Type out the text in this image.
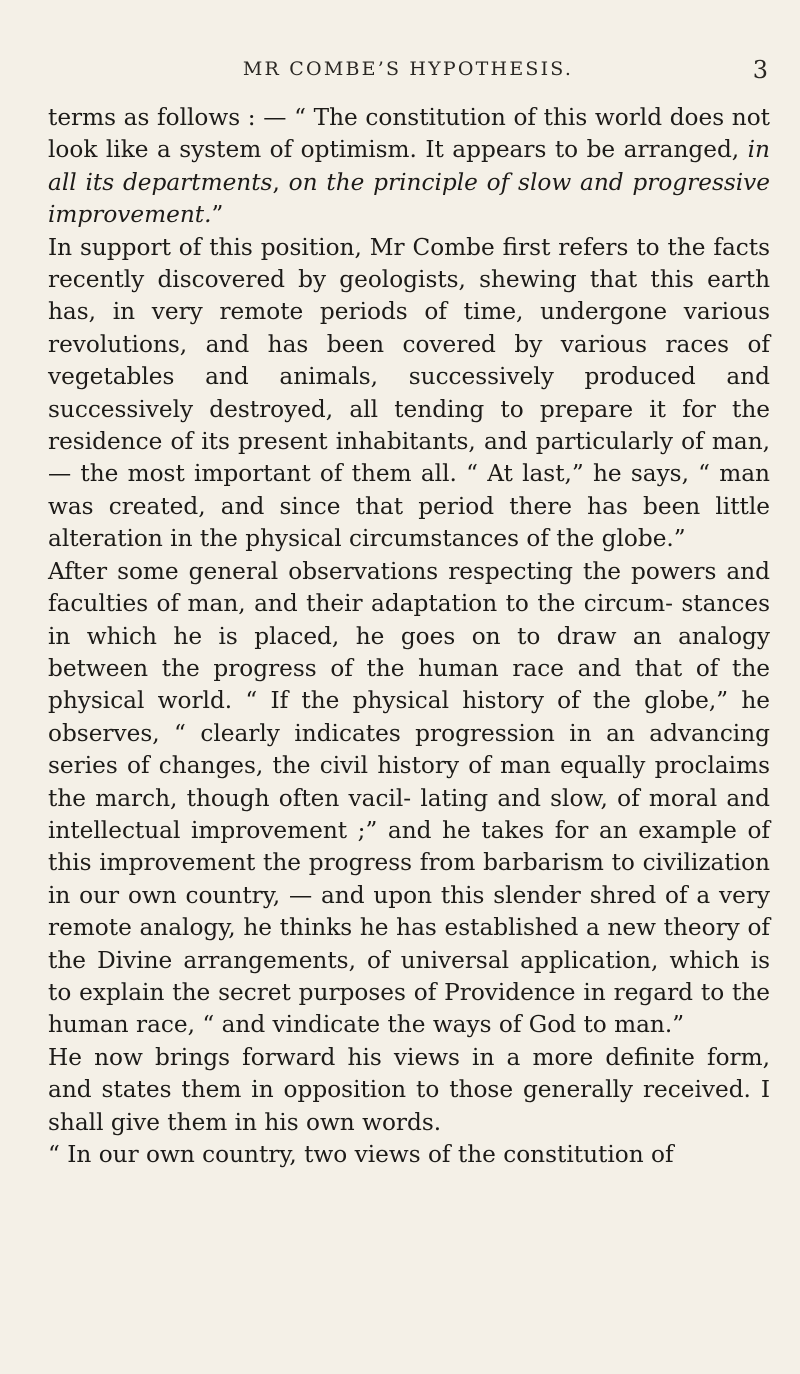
MR COMBE’S HYPOTHESIS.	3

terms as follows : — “ The constitution of this world does not look like a system of optimism. It appears to be arranged, in all its departments, on the principle of slow and progressive improvement.”

In support of this position, Mr Combe first refers to the facts recently discovered by geologists, shewing that this earth has, in very remote periods of time, undergone various revolutions, and has been covered by various races of vegetables and animals, successively produced and successively destroyed, all tending to prepare it for the residence of its present inhabitants, and particularly of man, — the most important of them all. “ At last,” he says, “ man was created, and since that period there has been little alteration in the physical circumstances of the globe.”

After some general observations respecting the powers and faculties of man, and their adaptation to the circum- stances in which he is placed, he goes on to draw an analogy between the progress of the human race and that of the physical world. “ If the physical history of the globe,” he observes, “ clearly indicates progression in an advancing series of changes, the civil history of man equally proclaims the march, though often vacil- lating and slow, of moral and intellectual improvement ;” and he takes for an example of this improvement the progress from barbarism to civilization in our own country, — and upon this slender shred of a very remote analogy, he thinks he has established a new theory of the Divine arrangements, of universal application, which is to explain the secret purposes of Providence in regard to the human race, “ and vindicate the ways of God to man.”

He now brings forward his views in a more definite form, and states them in opposition to those generally received. I shall give them in his own words.

“ In our own country, two views of the constitution of
